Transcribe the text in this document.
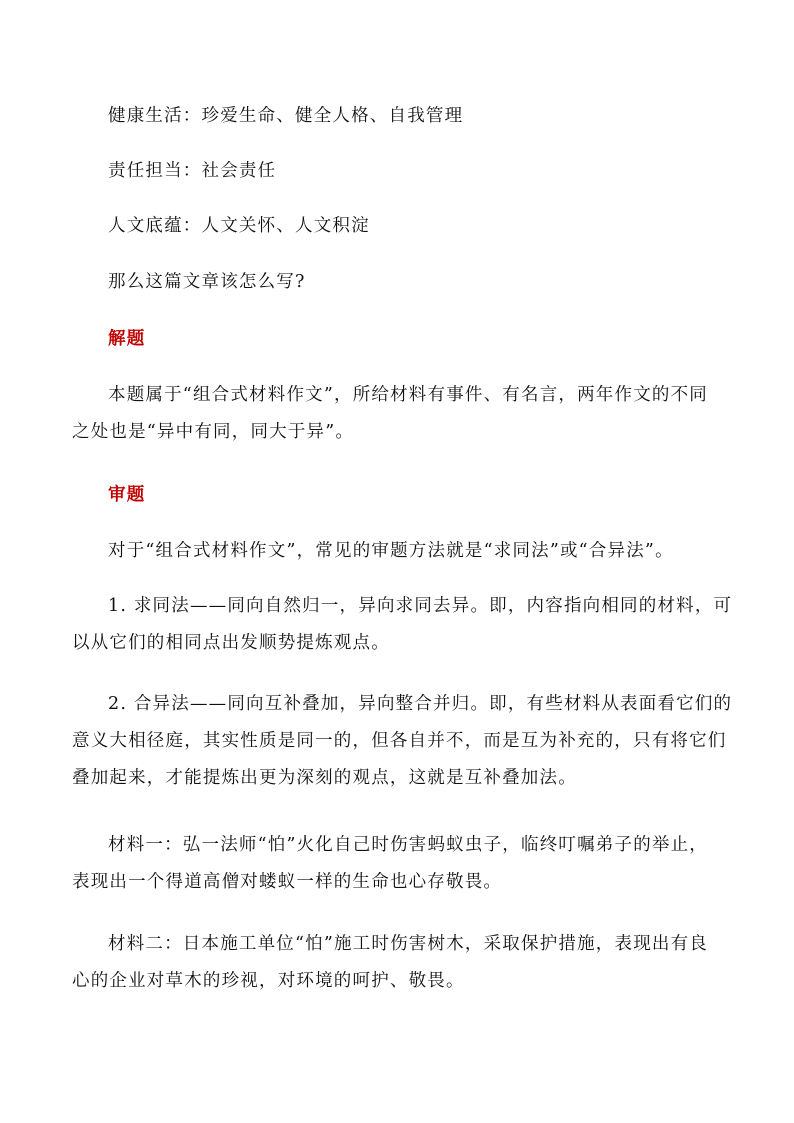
健康生活：珍爱生命、健全人格、自我管理

责任担当：社会责任

人文底蕴：人文关怀、人文积淀

那么这篇文章该怎么写?

解题

本题属于“组合式材料作文”，所给材料有事件、有名言，两年作文的不同
之处也是“异中有同，同大于异”。

审题

对于“组合式材料作文”，常见的审题方法就是“求同法”或“合异法”。

1. 求同法——同向自然归一，异向求同去异。即，内容指向相同的材料，可
以从它们的相同点出发顺势提炼观点。

2. 合异法——同向互补叠加，异向整合并归。即，有些材料从表面看它们的
意义大相径庭，其实性质是同一的，但各自并不，而是互为补充的，只有将它们
叠加起来，才能提炼出更为深刻的观点，这就是互补叠加法。

材料一：弘一法师“怕”火化自己时伤害蚂蚁虫子，临终叮嘱弟子的举止，
表现出一个得道高僧对蝼蚁一样的生命也心存敬畏。

材料二：日本施工单位“怕”施工时伤害树木，采取保护措施，表现出有良
心的企业对草木的珍视，对环境的呵护、敬畏。
